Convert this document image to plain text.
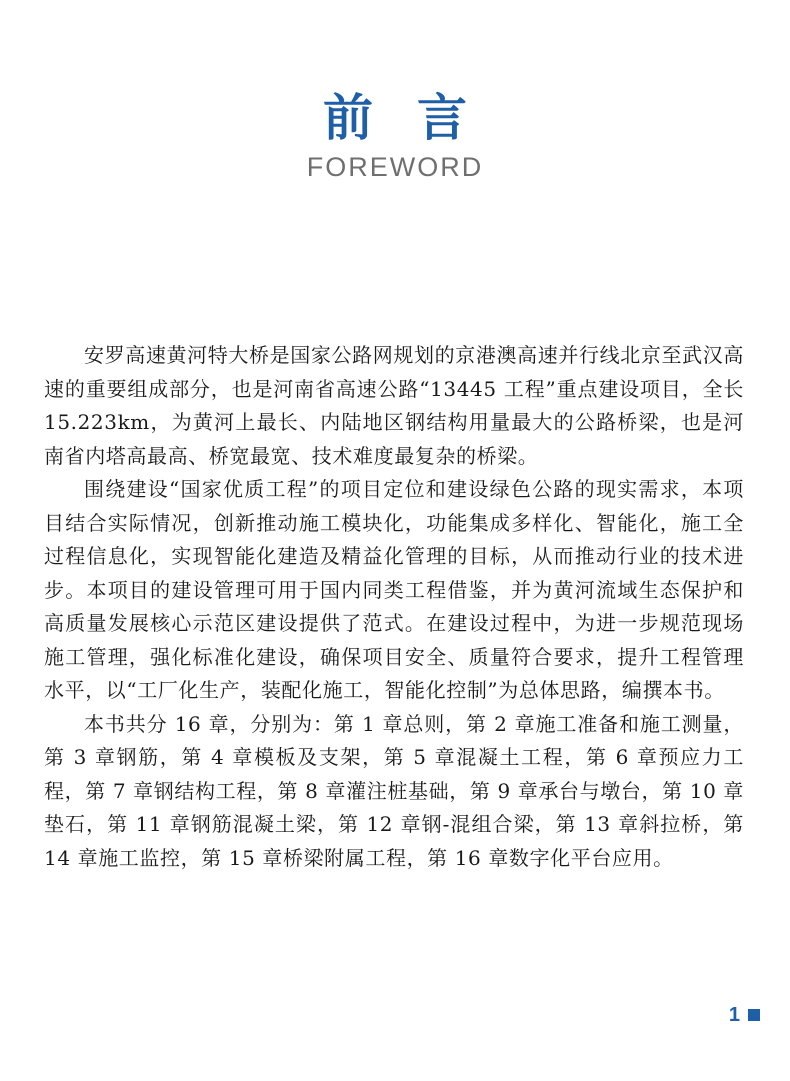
前言
FOREWORD

安罗高速黄河特大桥是国家公路网规划的京港澳高速并行线北京至武汉高速的重要组成部分，也是河南省高速公路“13445 工程”重点建设项目，全长 15.223km，为黄河上最长、内陆地区钢结构用量最大的公路桥梁，也是河南省内塔高最高、桥宽最宽、技术难度最复杂的桥梁。

围绕建设“国家优质工程”的项目定位和建设绿色公路的现实需求，本项目结合实际情况，创新推动施工模块化，功能集成多样化、智能化，施工全过程信息化，实现智能化建造及精益化管理的目标，从而推动行业的技术进步。本项目的建设管理可用于国内同类工程借鉴，并为黄河流域生态保护和高质量发展核心示范区建设提供了范式。在建设过程中，为进一步规范现场施工管理，强化标准化建设，确保项目安全、质量符合要求，提升工程管理水平，以“工厂化生产，装配化施工，智能化控制”为总体思路，编撰本书。

本书共分 16 章，分别为：第 1 章总则，第 2 章施工准备和施工测量，第 3 章钢筋，第 4 章模板及支架，第 5 章混凝土工程，第 6 章预应力工程，第 7 章钢结构工程，第 8 章灌注桩基础，第 9 章承台与墩台，第 10 章垫石，第 11 章钢筋混凝土梁，第 12 章钢-混组合梁，第 13 章斜拉桥，第 14 章施工监控，第 15 章桥梁附属工程，第 16 章数字化平台应用。

1
